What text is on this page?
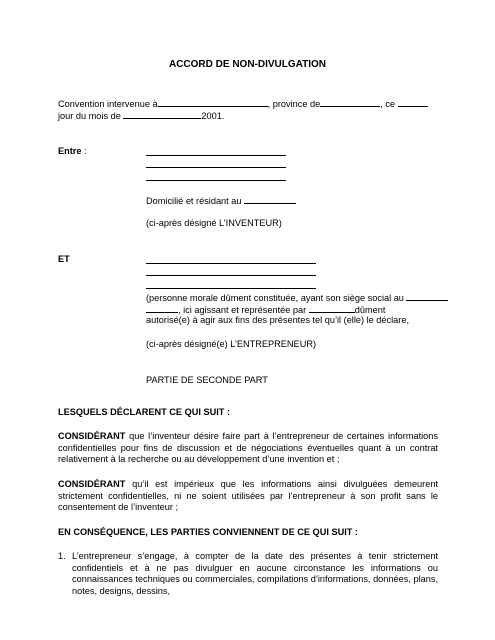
ACCORD DE NON-DIVULGATION
Convention intervenue à	, province de	, ce
jour du mois de	2001.
Entre :
Domicilié et résidant au
(ci-après désigné L’INVENTEUR)
ET
(personne morale dûment constituée, ayant son siège social au
, ici agissant et représentée par	dûment
autorisé(e) à agir aux fins des présentes tel qu’il (elle) le déclare,
(ci-après désigné(e) L’ENTREPRENEUR)
PARTIE DE SECONDE PART
LESQUELS DÉCLARENT CE QUI SUIT :
CONSIDÉRANT que l’inventeur désire faire part à l’entrepreneur de certaines informations confidentielles pour fins de discussion et de négociations éventuelles quant à un contrat relativement à la recherche ou au développement d’une invention et ;
CONSIDÉRANT qu’il est impérieux que les informations ainsi divulguées demeurent strictement confidentielles, ni ne soient utilisées par l’entrepreneur à son profit sans le consentement de l’inventeur ;
EN CONSÉQUENCE, LES PARTIES CONVIENNENT DE CE QUI SUIT :
1. L’entrepreneur s’engage, à compter de la date des présentes à tenir strictement confidentiels et à ne pas divulguer en aucune circonstance les informations ou connaissances techniques ou commerciales, compilations d’informations, données, plans, notes, designs, dessins,
